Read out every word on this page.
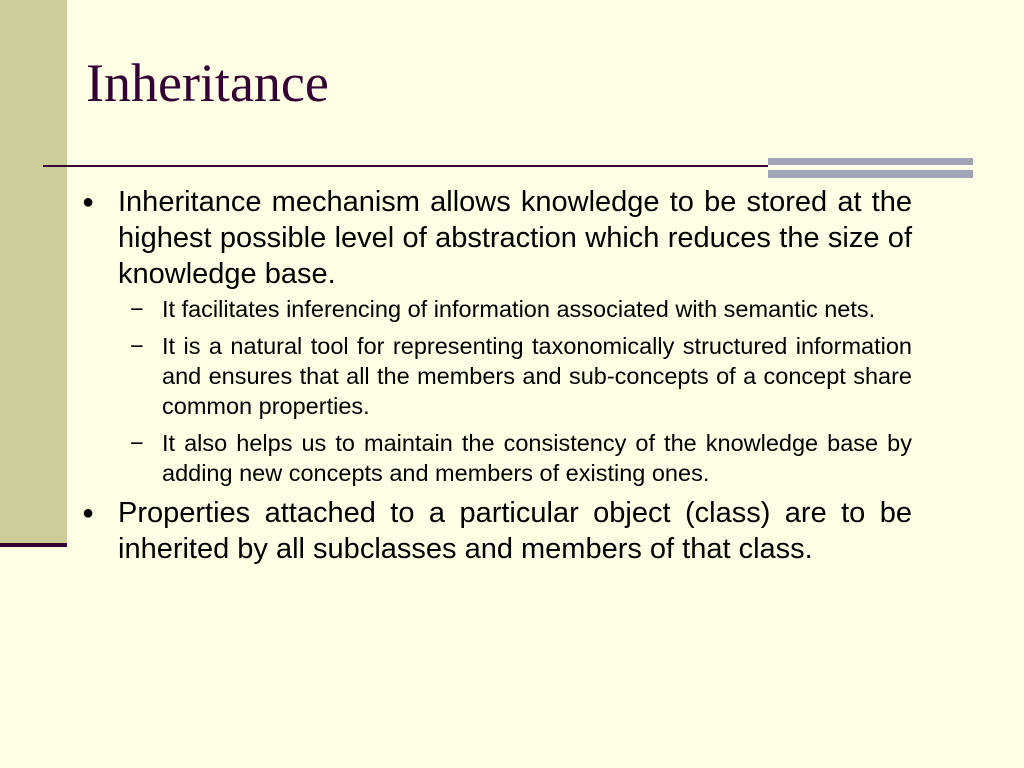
Inheritance
● Inheritance mechanism allows knowledge to be stored at the highest possible level of abstraction which reduces the size of knowledge base.
− It facilitates inferencing of information associated with semantic nets.
− It is a natural tool for representing taxonomically structured information and ensures that all the members and sub-concepts of a concept share common properties.
− It also helps us to maintain the consistency of the knowledge base by adding new concepts and members of existing ones.
● Properties attached to a particular object (class) are to be inherited by all subclasses and members of that class.
